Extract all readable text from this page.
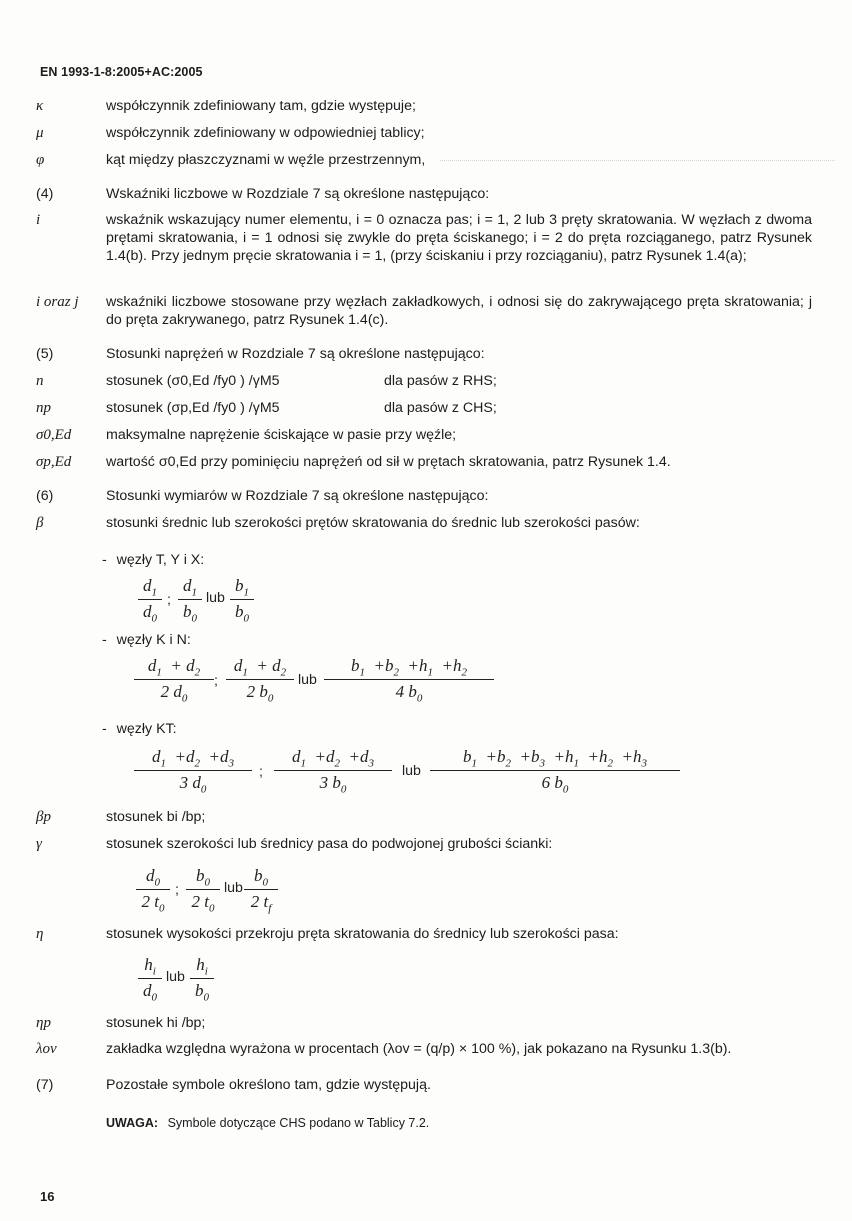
EN 1993-1-8:2005+AC:2005
κ	współczynnik zdefiniowany tam, gdzie występuje;
μ	współczynnik zdefiniowany w odpowiedniej tablicy;
φ	kąt między płaszczyznami w węźle przestrzennym,
(4)	Wskaźniki liczbowe w Rozdziale 7 są określone następująco:
i	wskaźnik wskazujący numer elementu, i = 0 oznacza pas; i = 1, 2 lub 3 pręty skratowania. W węzłach z dwoma prętami skratowania, i = 1 odnosi się zwykle do pręta ściskanego; i = 2 do pręta rozciąganego, patrz Rysunek 1.4(b). Przy jednym pręcie skratowania i = 1, (przy ściskaniu i przy rozciąganiu), patrz Rysunek 1.4(a);
i oraz j	wskaźniki liczbowe stosowane przy węzłach zakładkowych, i odnosi się do zakrywającego pręta skratowania; j do pręta zakrywanego, patrz Rysunek 1.4(c).
(5)	Stosunki naprężeń w Rozdziale 7 są określone następująco:
n	stosunek (σ0,Ed /fy0 ) /γM5	dla pasów z RHS;
np	stosunek (σp,Ed /fy0 ) /γM5	dla pasów z CHS;
σ0,Ed	maksymalne naprężenie ściskające w pasie przy węźle;
σp,Ed	wartość σ0,Ed przy pominięciu naprężeń od sił w prętach skratowania, patrz Rysunek 1.4.
(6)	Stosunki wymiarów w Rozdziale 7 są określone następująco:
β	stosunki średnic lub szerokości prętów skratowania do średnic lub szerokości pasów:
- węzły T, Y i X:
$d_1$
$d_0$
;
$d_1$
$b_0$
lub
$b_1$
$b_0$
- węzły K i N:
$d_1 + d_2$
2 $d_0$
;
$d_1 + d_2$
2 $b_0$
lub
$b_1 +b_2 +h_1 +h_2$
4 $b_0$
- węzły KT:
$d_1 +d_2 +d_3$
3 $d_0$
;
$d_1 +d_2 +d_3$
3 $b_0$
lub
$b_1 +b_2 +b_3 +h_1 +h_2 +h_3$
6 $b_0$
βp	stosunek bi /bp;
γ	stosunek szerokości lub średnicy pasa do podwojonej grubości ścianki:
$d_0$
2 $t_0$
;
$b_0$
2 $t_0$
lub
$b_0$
2 $t_f$
η	stosunek wysokości przekroju pręta skratowania do średnicy lub szerokości pasa:
$h_i$
$d_0$
lub
$h_i$
$b_0$
ηp	stosunek hi /bp;
λov	zakładka względna wyrażona w procentach (λov = (q/p) × 100 %), jak pokazano na Rysunku 1.3(b).
(7)	Pozostałe symbole określono tam, gdzie występują.
UWAGA: Symbole dotyczące CHS podano w Tablicy 7.2.
16
